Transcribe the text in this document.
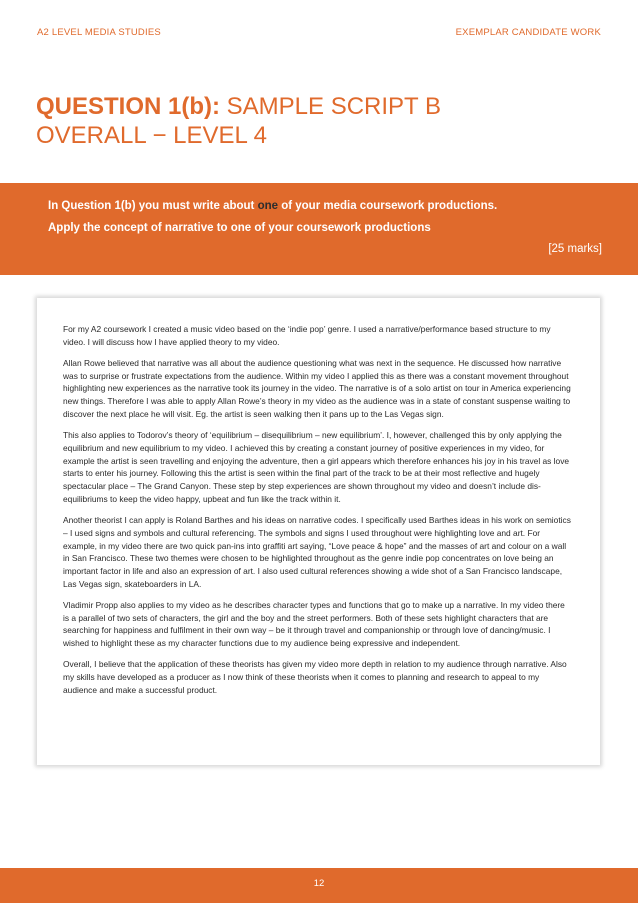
A2 LEVEL MEDIA STUDIES	EXEMPLAR CANDIDATE WORK
QUESTION 1(b): SAMPLE SCRIPT B
OVERALL − LEVEL 4
In Question 1(b) you must write about one of your media coursework productions.
Apply the concept of narrative to one of your coursework productions
[25 marks]

For my A2 coursework I created a music video based on the ‘indie pop’ genre. I used a narrative/performance based structure to my video. I will discuss how I have applied theory to my video.

Allan Rowe believed that narrative was all about the audience questioning what was next in the sequence. He discussed how narrative was to surprise or frustrate expectations from the audience. Within my video I applied this as there was a constant movement throughout highlighting new experiences as the narrative took its journey in the video. The narrative is of a solo artist on tour in America experiencing new things. Therefore I was able to apply Allan Rowe’s theory in my video as the audience was in a state of constant suspense waiting to discover the next place he will visit. Eg. the artist is seen walking then it pans up to the Las Vegas sign.

This also applies to Todorov’s theory of ‘equilibrium – disequilibrium – new equilibrium’. I, however, challenged this by only applying the equilibrium and new equilibrium to my video. I achieved this by creating a constant journey of positive experiences in my video, for example the artist is seen travelling and enjoying the adventure, then a girl appears which therefore enhances his joy in his travel as love starts to enter his journey. Following this the artist is seen within the final part of the track to be at their most reflective and hugely spectacular place – The Grand Canyon. These step by step experiences are shown throughout my video and doesn’t include dis-equilibriums to keep the video happy, upbeat and fun like the track within it.

Another theorist I can apply is Roland Barthes and his ideas on narrative codes. I specifically used Barthes ideas in his work on semiotics – I used signs and symbols and cultural referencing. The symbols and signs I used throughout were highlighting love and art. For example, in my video there are two quick pan-ins into graffiti art saying, “Love peace & hope” and the masses of art and colour on a wall in San Francisco. These two themes were chosen to be highlighted throughout as the genre indie pop concentrates on love being an important factor in life and also an expression of art. I also used cultural references showing a wide shot of a San Francisco landscape, Las Vegas sign, skateboarders in LA.

Vladimir Propp also applies to my video as he describes character types and functions that go to make up a narrative. In my video there is a parallel of two sets of characters, the girl and the boy and the street performers. Both of these sets highlight characters that are searching for happiness and fulfilment in their own way – be it through travel and companionship or through love of dancing/music. I wished to highlight these as my character functions due to my audience being expressive and independent.

Overall, I believe that the application of these theorists has given my video more depth in relation to my audience through narrative. Also my skills have developed as a producer as I now think of these theorists when it comes to planning and research to appeal to my audience and make a successful product.

12
